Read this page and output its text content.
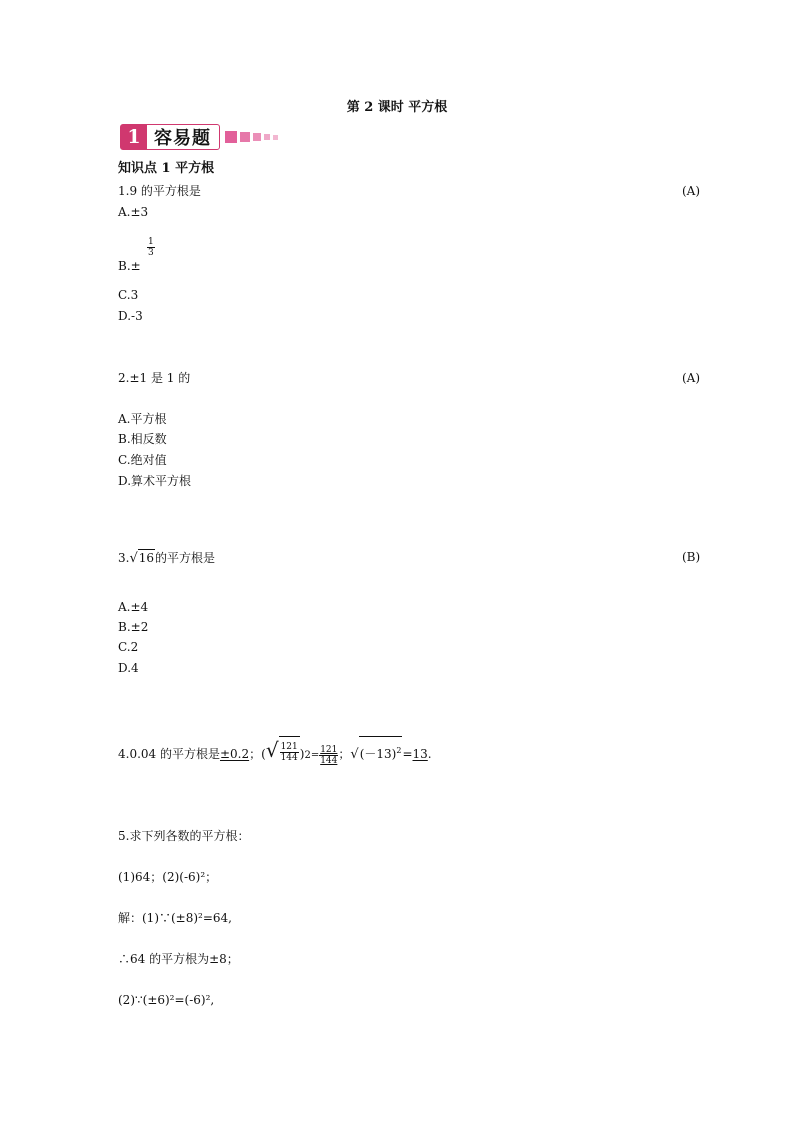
第 2 课时 平方根
1 容易题
知识点 1 平方根
1.9 的平方根是	(A)
A.±3
B.±
$\frac{1}{3}$
C.3
D.-3
2.±1 是 1 的	(A)
A.平方根
B.相反数
C.绝对值
D.算术平方根
3.√16的平方根是	(B)
A.±4
B.±2
C.2
D.4
4.0.04 的平方根是±0.2；(√ $\frac{121}{144} )2= \frac{121}{144}$ ；$√(-13)^2=13$.
5.求下列各数的平方根：
(1)64；(2)(-6)²；
解：(1)∵(±8)²=64,
∴64 的平方根为±8；
(2)∵(±6)²=(-6)²,
